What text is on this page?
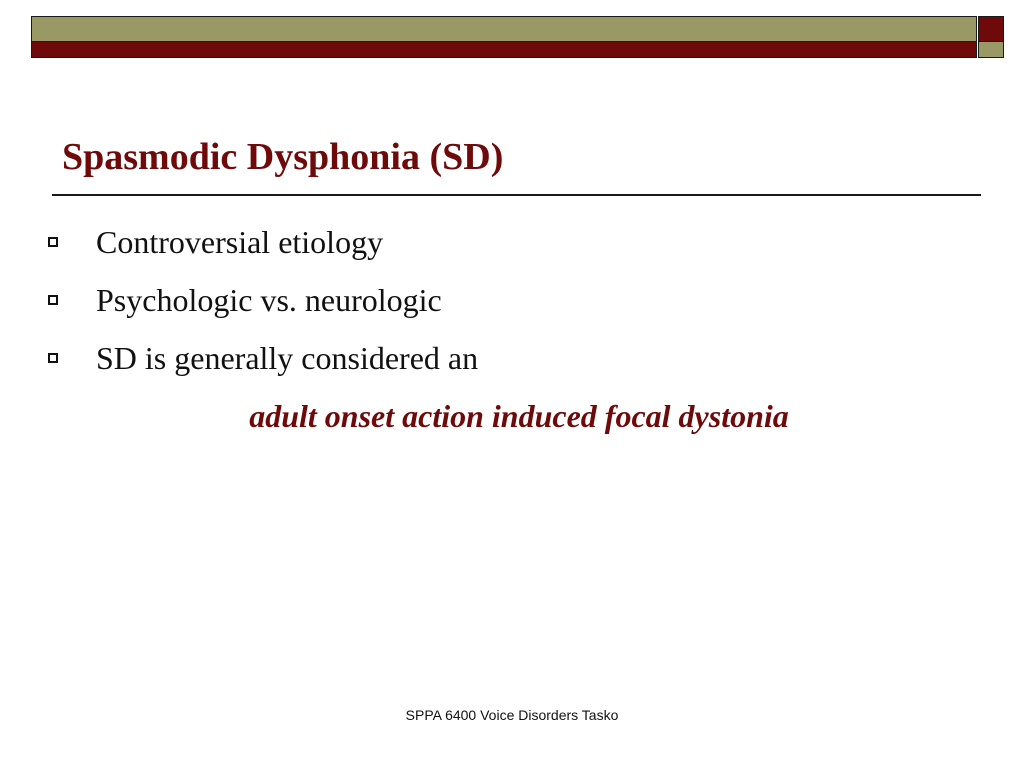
Spasmodic Dysphonia (SD)
Controversial etiology
Psychologic vs. neurologic
SD is generally considered an
adult onset action induced focal dystonia
SPPA 6400 Voice Disorders Tasko
